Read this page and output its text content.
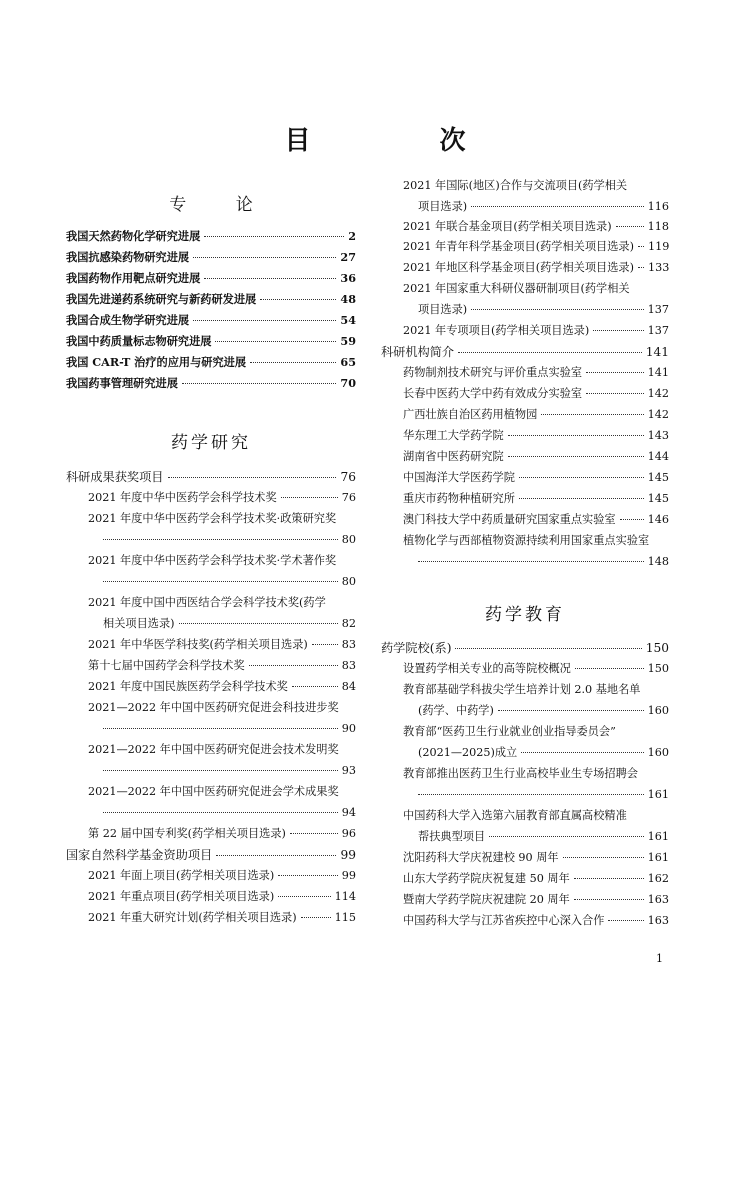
目 次
专 论
我国天然药物化学研究进展	2
我国抗感染药物研究进展	27
我国药物作用靶点研究进展	36
我国先进递药系统研究与新药研发进展	48
我国合成生物学研究进展	54
我国中药质量标志物研究进展	59
我国 CAR-T 治疗的应用与研究进展	65
我国药事管理研究进展	70
药学研究
科研成果获奖项目	76
2021 年度中华中医药学会科学技术奖	76
2021 年度中华中医药学会科学技术奖·政策研究奖
80
2021 年度中华中医药学会科学技术奖·学术著作奖
80
2021 年度中国中西医结合学会科学技术奖(药学
相关项目选录)	82
2021 年中华医学科技奖(药学相关项目选录)	83
第十七届中国药学会科学技术奖	83
2021 年度中国民族医药学会科学技术奖	84
2021—2022 年中国中医药研究促进会科技进步奖
90
2021—2022 年中国中医药研究促进会技术发明奖
93
2021—2022 年中国中医药研究促进会学术成果奖
94
第 22 届中国专利奖(药学相关项目选录)	96
国家自然科学基金资助项目	99
2021 年面上项目(药学相关项目选录)	99
2021 年重点项目(药学相关项目选录)	114
2021 年重大研究计划(药学相关项目选录)	115
2021 年国际(地区)合作与交流项目(药学相关
项目选录)	116
2021 年联合基金项目(药学相关项目选录)	118
2021 年青年科学基金项目(药学相关项目选录) 119
2021 年地区科学基金项目(药学相关项目选录) 133
2021 年国家重大科研仪器研制项目(药学相关
项目选录)	137
2021 年专项项目(药学相关项目选录)	137
科研机构简介	141
药物制剂技术研究与评价重点实验室	141
长春中医药大学中药有效成分实验室	142
广西壮族自治区药用植物园	142
华东理工大学药学院	143
湖南省中医药研究院	144
中国海洋大学医药学院	145
重庆市药物种植研究所	145
澳门科技大学中药质量研究国家重点实验室	146
植物化学与西部植物资源持续利用国家重点实验室
148
药学教育
药学院校(系)	150
设置药学相关专业的高等院校概况	150
教育部基础学科拔尖学生培养计划 2.0 基地名单
(药学、中药学)	160
教育部“医药卫生行业就业创业指导委员会”
(2021—2025)成立	160
教育部推出医药卫生行业高校毕业生专场招聘会
161
中国药科大学入选第六届教育部直属高校精准
帮扶典型项目	161
沈阳药科大学庆祝建校 90 周年	161
山东大学药学院庆祝复建 50 周年	162
暨南大学药学院庆祝建院 20 周年	163
中国药科大学与江苏省疾控中心深入合作	163
1
